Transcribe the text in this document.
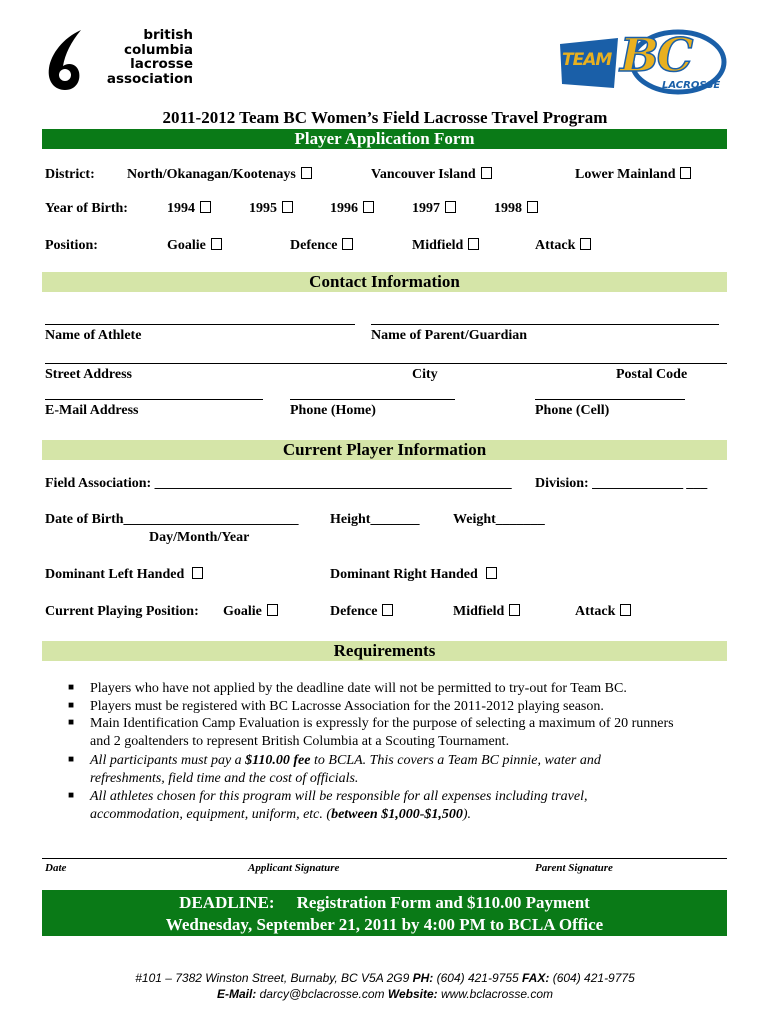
british
columbia
lacrosse
association
TEAM BC
LACROSSE
2011-2012 Team BC Women’s Field Lacrosse Travel Program
Player Application Form
District: North/Okanagan/Kootenays	Vancouver Island	Lower Mainland
Year of Birth:	1994	1995	1996	1997	1998
Position:	Goalie	Defence	Midfield	Attack
Contact Information
Name of Athlete	Name of Parent/Guardian
Street Address	City	Postal Code
E-Mail Address	Phone (Home)	Phone (Cell)
Current Player Information
Field Association: ___________________________________________________ Division: _____________ ___
Date of Birth_________________________
Day/Month/Year
Height_______ Weight_______
Dominant Left Handed	Dominant Right Handed
Current Playing Position: Goalie	Defence	Midfield	Attack
Requirements
■ Players who have not applied by the deadline date will not be permitted to try-out for Team BC.
■ Players must be registered with BC Lacrosse Association for the 2011-2012 playing season.
■ Main Identification Camp Evaluation is expressly for the purpose of selecting a maximum of 20 runners
and 2 goaltenders to represent British Columbia at a Scouting Tournament.
■ All participants must pay a $110.00 fee to BCLA. This covers a Team BC pinnie, water and
refreshments, field time and the cost of officials.
■ All athletes chosen for this program will be responsible for all expenses including travel,
accommodation, equipment, uniform, etc. (between $1,000-$1,500).
Date	Applicant Signature	Parent Signature
DEADLINE: Registration Form and $110.00 Payment
Wednesday, September 21, 2011 by 4:00 PM to BCLA Office
#101 – 7382 Winston Street, Burnaby, BC V5A 2G9 PH: (604) 421-9755 FAX: (604) 421-9775
E-Mail: darcy@bclacrosse.com Website: www.bclacrosse.com
